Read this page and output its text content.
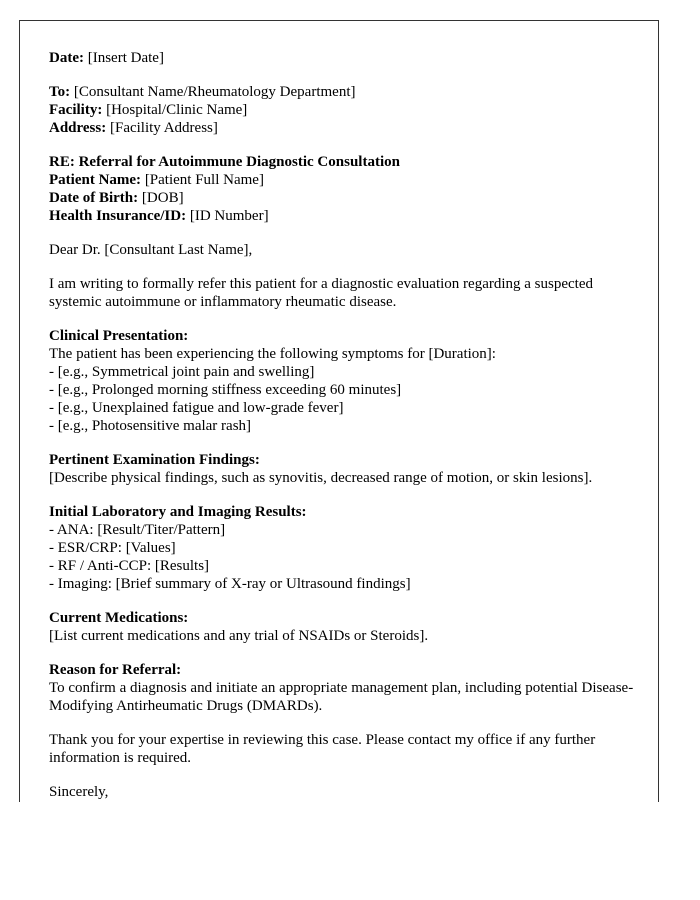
Date: [Insert Date]

To: [Consultant Name/Rheumatology Department]
Facility: [Hospital/Clinic Name]
Address: [Facility Address]

RE: Referral for Autoimmune Diagnostic Consultation
Patient Name: [Patient Full Name]
Date of Birth: [DOB]
Health Insurance/ID: [ID Number]

Dear Dr. [Consultant Last Name],

I am writing to formally refer this patient for a diagnostic evaluation regarding a suspected systemic autoimmune or inflammatory rheumatic disease.

Clinical Presentation:
The patient has been experiencing the following symptoms for [Duration]:
- [e.g., Symmetrical joint pain and swelling]
- [e.g., Prolonged morning stiffness exceeding 60 minutes]
- [e.g., Unexplained fatigue and low-grade fever]
- [e.g., Photosensitive malar rash]

Pertinent Examination Findings:
[Describe physical findings, such as synovitis, decreased range of motion, or skin lesions].

Initial Laboratory and Imaging Results:
- ANA: [Result/Titer/Pattern]
- ESR/CRP: [Values]
- RF / Anti-CCP: [Results]
- Imaging: [Brief summary of X-ray or Ultrasound findings]

Current Medications:
[List current medications and any trial of NSAIDs or Steroids].

Reason for Referral:
To confirm a diagnosis and initiate an appropriate management plan, including potential Disease-Modifying Antirheumatic Drugs (DMARDs).

Thank you for your expertise in reviewing this case. Please contact my office if any further information is required.

Sincerely,
